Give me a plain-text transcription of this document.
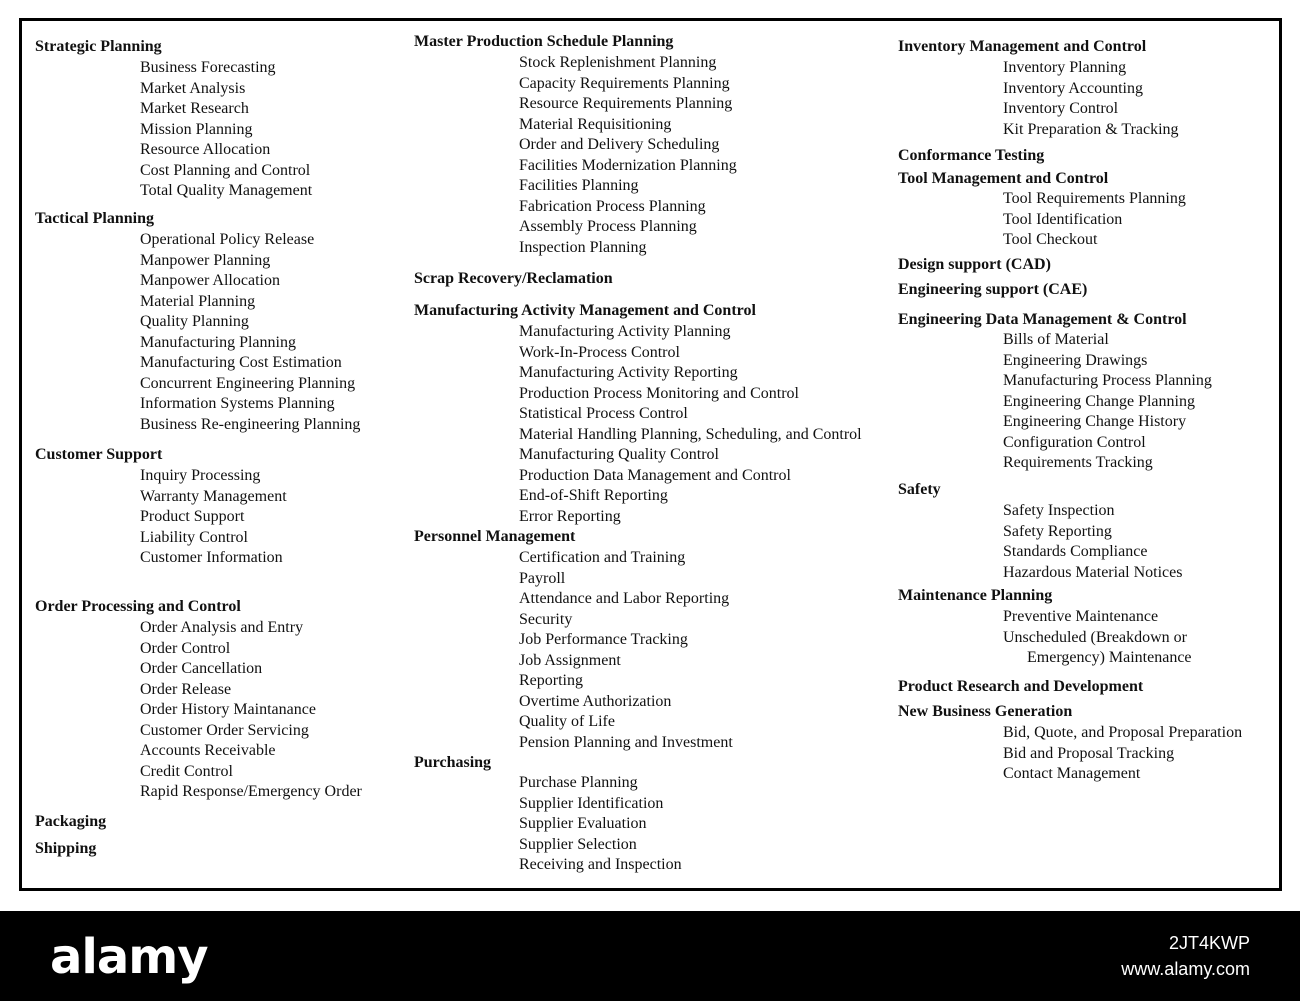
alamy	2JT4KWP
www.alamy.com
Strategic Planning
Business Forecasting
Market Analysis
Market Research
Mission Planning
Resource Allocation
Cost Planning and Control
Total Quality Management
Tactical Planning
Operational Policy Release
Manpower Planning
Manpower Allocation
Material Planning
Quality Planning
Manufacturing Planning
Manufacturing Cost Estimation
Concurrent Engineering Planning
Information Systems Planning
Business Re-engineering Planning
Customer Support
Inquiry Processing
Warranty Management
Product Support
Liability Control
Customer Information
Order Processing and Control
Order Analysis and Entry
Order Control
Order Cancellation
Order Release
Order History Maintanance
Customer Order Servicing
Accounts Receivable
Credit Control
Rapid Response/Emergency Order
Packaging
Shipping
Master Production Schedule Planning
Stock Replenishment Planning
Capacity Requirements Planning
Resource Requirements Planning
Material Requisitioning
Order and Delivery Scheduling
Facilities Modernization Planning
Facilities Planning
Fabrication Process Planning
Assembly Process Planning
Inspection Planning
Scrap Recovery/Reclamation
Manufacturing Activity Management and Control
Manufacturing Activity Planning
Work-In-Process Control
Manufacturing Activity Reporting
Production Process Monitoring and Control
Statistical Process Control
Material Handling Planning, Scheduling, and Control
Manufacturing Quality Control
Production Data Management and Control
End-of-Shift Reporting
Error Reporting
Personnel Management
Certification and Training
Payroll
Attendance and Labor Reporting
Security
Job Performance Tracking
Job Assignment
Reporting
Overtime Authorization
Quality of Life
Pension Planning and Investment
Purchasing
Purchase Planning
Supplier Identification
Supplier Evaluation
Supplier Selection
Receiving and Inspection
Inventory Management and Control
Inventory Planning
Inventory Accounting
Inventory Control
Kit Preparation & Tracking
Conformance Testing
Tool Management and Control
Tool Requirements Planning
Tool Identification
Tool Checkout
Design support (CAD)
Engineering support (CAE)
Engineering Data Management & Control
Bills of Material
Engineering Drawings
Manufacturing Process Planning
Engineering Change Planning
Engineering Change History
Configuration Control
Requirements Tracking
Safety
Safety Inspection
Safety Reporting
Standards Compliance
Hazardous Material Notices
Maintenance Planning
Preventive Maintenance
Unscheduled (Breakdown or
Emergency) Maintenance
Product Research and Development
New Business Generation
Bid, Quote, and Proposal Preparation
Bid and Proposal Tracking
Contact Management
